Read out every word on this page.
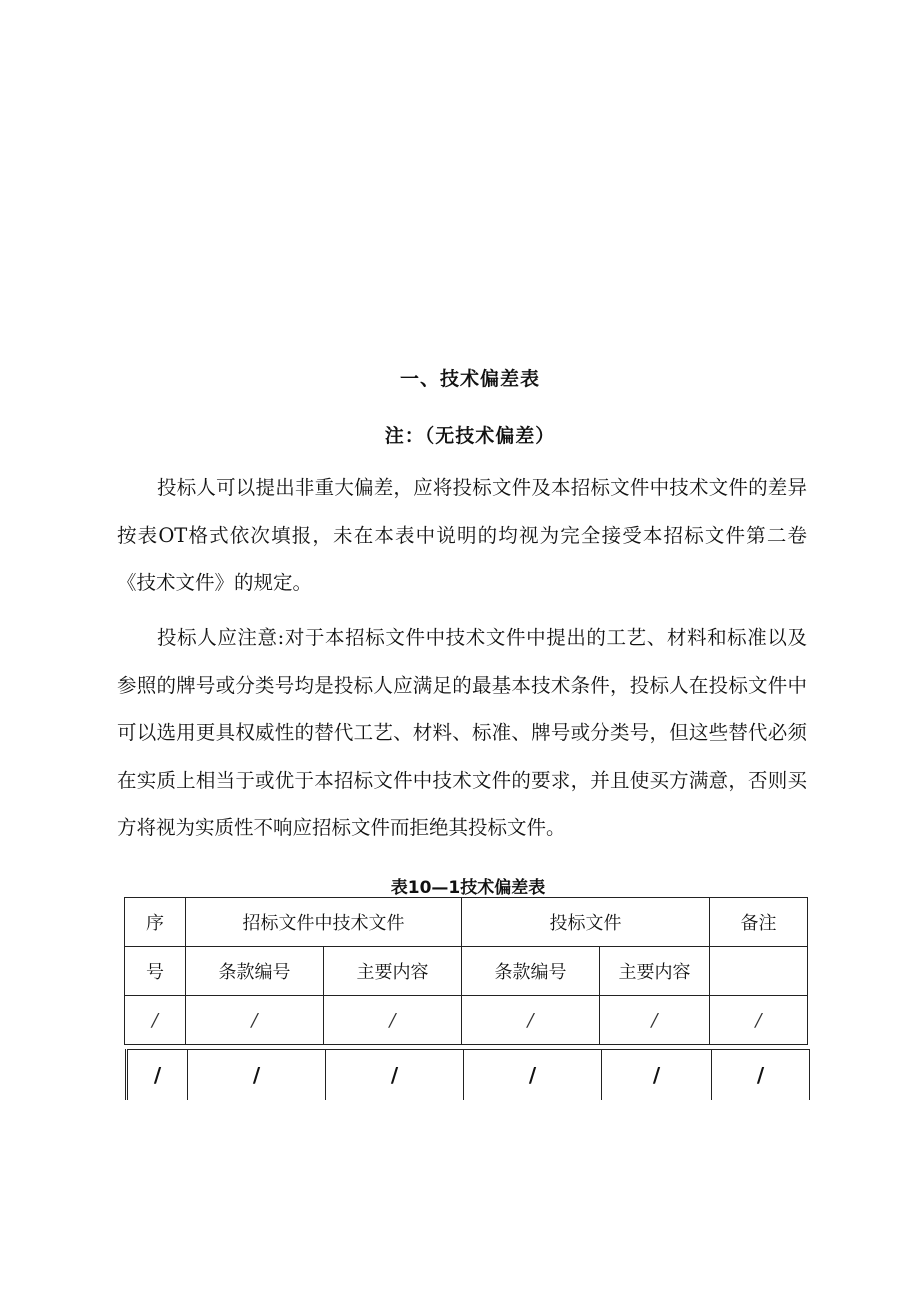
一、技术偏差表
注：（无技术偏差）
投标人可以提出非重大偏差，应将投标文件及本招标文件中技术文件的差异按表OT格式依次填报，未在本表中说明的均视为完全接受本招标文件第二卷《技术文件》的规定。
投标人应注意:对于本招标文件中技术文件中提出的工艺、材料和标准以及参照的牌号或分类号均是投标人应满足的最基本技术条件，投标人在投标文件中可以选用更具权威性的替代工艺、材料、标准、牌号或分类号，但这些替代必须在实质上相当于或优于本招标文件中技术文件的要求，并且使买方满意，否则买方将视为实质性不响应招标文件而拒绝其投标文件。
表10—1技术偏差表
序	招标文件中技术文件		投标文件		备注
号	条款编号	主要内容	条款编号	主要内容	
/	/	/	/	/	/
/	/	/	/	/	/
